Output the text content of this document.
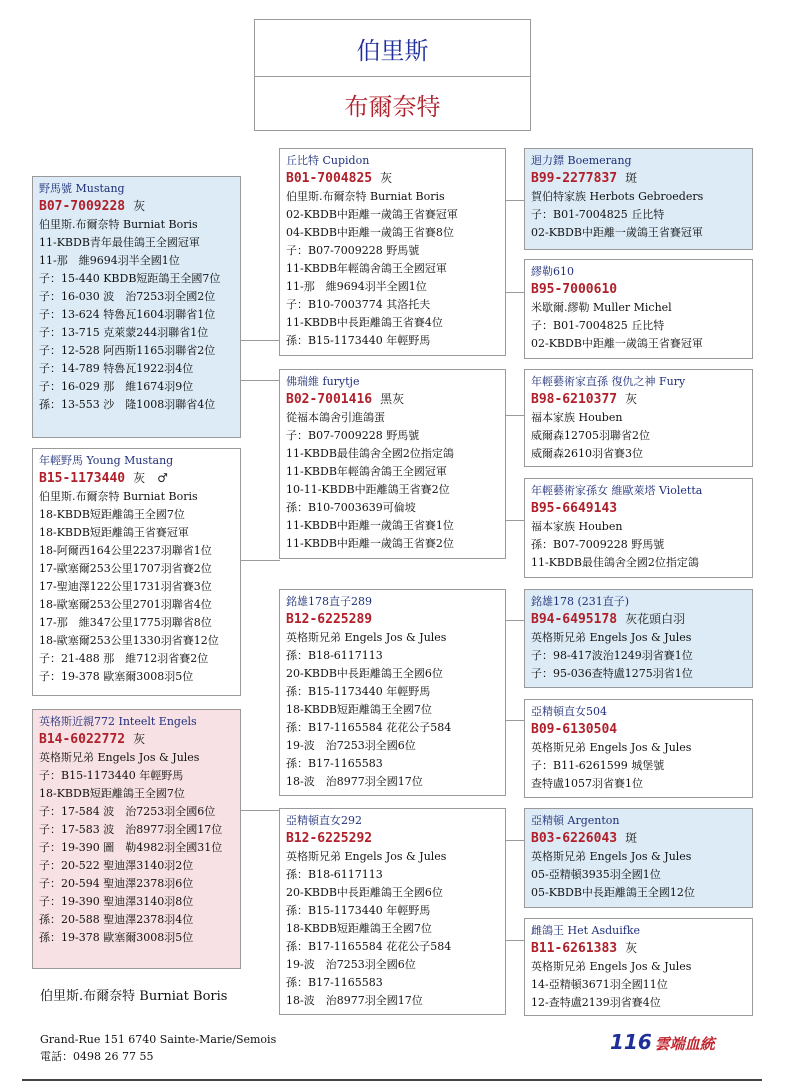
伯里斯
布爾奈特
野馬號 Mustang
B07-7009228 灰
伯里斯.布爾奈特 Burniat Boris
11-KBDB青年最佳鴿王全國冠軍
11-那　維9694羽半全國1位
子：15-440 KBDB短距鴿王全國7位
子：16-030 波　治7253羽全國2位
子：13-624 特魯瓦1604羽聯省1位
子：13-715 克萊蒙244羽聯省1位
子：12-528 阿西斯1165羽聯省2位
子：14-789 特魯瓦1922羽4位
子：16-029 那　維1674羽9位
孫：13-553 沙　隆1008羽聯省4位
丘比特 Cupidon
B01-7004825 灰
伯里斯.布爾奈特 Burniat Boris
02-KBDB中距離一歲鴿王省賽冠軍
04-KBDB中距離一歲鴿王省賽8位
子：B07-7009228 野馬號
11-KBDB年輕鴿舍鴿王全國冠軍
11-那　維9694羽半全國1位
子：B10-7003774 其洛托夫
11-KBDB中長距離鴿王省賽4位
孫：B15-1173440 年輕野馬
迴力鏢 Boemerang
B99-2277837 斑
賀伯特家族 Herbots Gebroeders
子：B01-7004825 丘比特
02-KBDB中距離一歲鴿王省賽冠軍
繆勒610
B95-7000610
米歇爾.繆勒 Muller Michel
子：B01-7004825 丘比特
02-KBDB中距離一歲鴿王省賽冠軍
佛瑞維 furytje
B02-7001416 黑灰
從福本鴿舍引進鴿蛋
子：B07-7009228 野馬號
11-KBDB最佳鴿舍全國2位指定鴿
11-KBDB年輕鴿舍鴿王全國冠軍
10-11-KBDB中距離鴿王省賽2位
孫：B10-7003639可倫坡
11-KBDB中距離一歲鴿王省賽1位
11-KBDB中距離一歲鴿王省賽2位
年輕藝術家直孫 復仇之神 Fury
B98-6210377 灰
福本家族 Houben
威爾森12705羽聯省2位
威爾森2610羽省賽3位
年輕藝術家孫女 維歐萊塔 Violetta
B95-6649143
福本家族 Houben
孫：B07-7009228 野馬號
11-KBDB最佳鴿舍全國2位指定鴿
年輕野馬 Young Mustang
B15-1173440 灰　♂
伯里斯.布爾奈特 Burniat Boris
18-KBDB短距離鴿王全國7位
18-KBDB短距離鴿王省賽冠軍
18-阿爾西164公里2237羽聯省1位
17-歐塞爾253公里1707羽省賽2位
17-聖迪澤122公里1731羽省賽3位
18-歐塞爾253公里2701羽聯省4位
17-那　維347公里1775羽聯省8位
18-歐塞爾253公里1330羽省賽12位
子：21-488 那　維712羽省賽2位
子：19-378 歐塞爾3008羽5位
銘雄178直子289
B12-6225289
英格斯兄弟 Engels Jos & Jules
孫：B18-6117113
20-KBDB中長距離鴿王全國6位
孫：B15-1173440 年輕野馬
18-KBDB短距離鴿王全國7位
孫：B17-1165584 花花公子584
19-波　治7253羽全國6位
孫：B17-1165583
18-波　治8977羽全國17位
銘雄178 (231直子)
B94-6495178 灰花頭白羽
英格斯兄弟 Engels Jos & Jules
子：98-417波治1249羽省賽1位
子：95-036查特盧1275羽省1位
亞精頓直女504
B09-6130504
英格斯兄弟 Engels Jos & Jules
子：B11-6261599 城堡號
查特盧1057羽省賽1位
英格斯近親772 Inteelt Engels
B14-6022772 灰
英格斯兄弟 Engels Jos & Jules
子：B15-1173440 年輕野馬
18-KBDB短距離鴿王全國7位
子：17-584 波　治7253羽全國6位
子：17-583 波　治8977羽全國17位
子：19-390 圖　勒4982羽全國31位
子：20-522 聖迪澤3140羽2位
子：20-594 聖迪澤2378羽6位
子：19-390 聖迪澤3140羽8位
孫：20-588 聖迪澤2378羽4位
孫：19-378 歐塞爾3008羽5位
亞精頓直女292
B12-6225292
英格斯兄弟 Engels Jos & Jules
孫：B18-6117113
20-KBDB中長距離鴿王全國6位
孫：B15-1173440 年輕野馬
18-KBDB短距離鴿王全國7位
孫：B17-1165584 花花公子584
19-波　治7253羽全國6位
孫：B17-1165583
18-波　治8977羽全國17位
亞精頓 Argenton
B03-6226043 斑
英格斯兄弟 Engels Jos & Jules
05-亞精頓3935羽全國1位
05-KBDB中長距離鴿王全國12位
雌鴿王 Het Asduifke
B11-6261383 灰
英格斯兄弟 Engels Jos & Jules
14-亞精頓3671羽全國11位
12-查特盧2139羽省賽4位
伯里斯.布爾奈特 Burniat Boris
Grand-Rue 151 6740 Sainte-Marie/Semois
電話：0498 26 77 55
116 雲端血統
